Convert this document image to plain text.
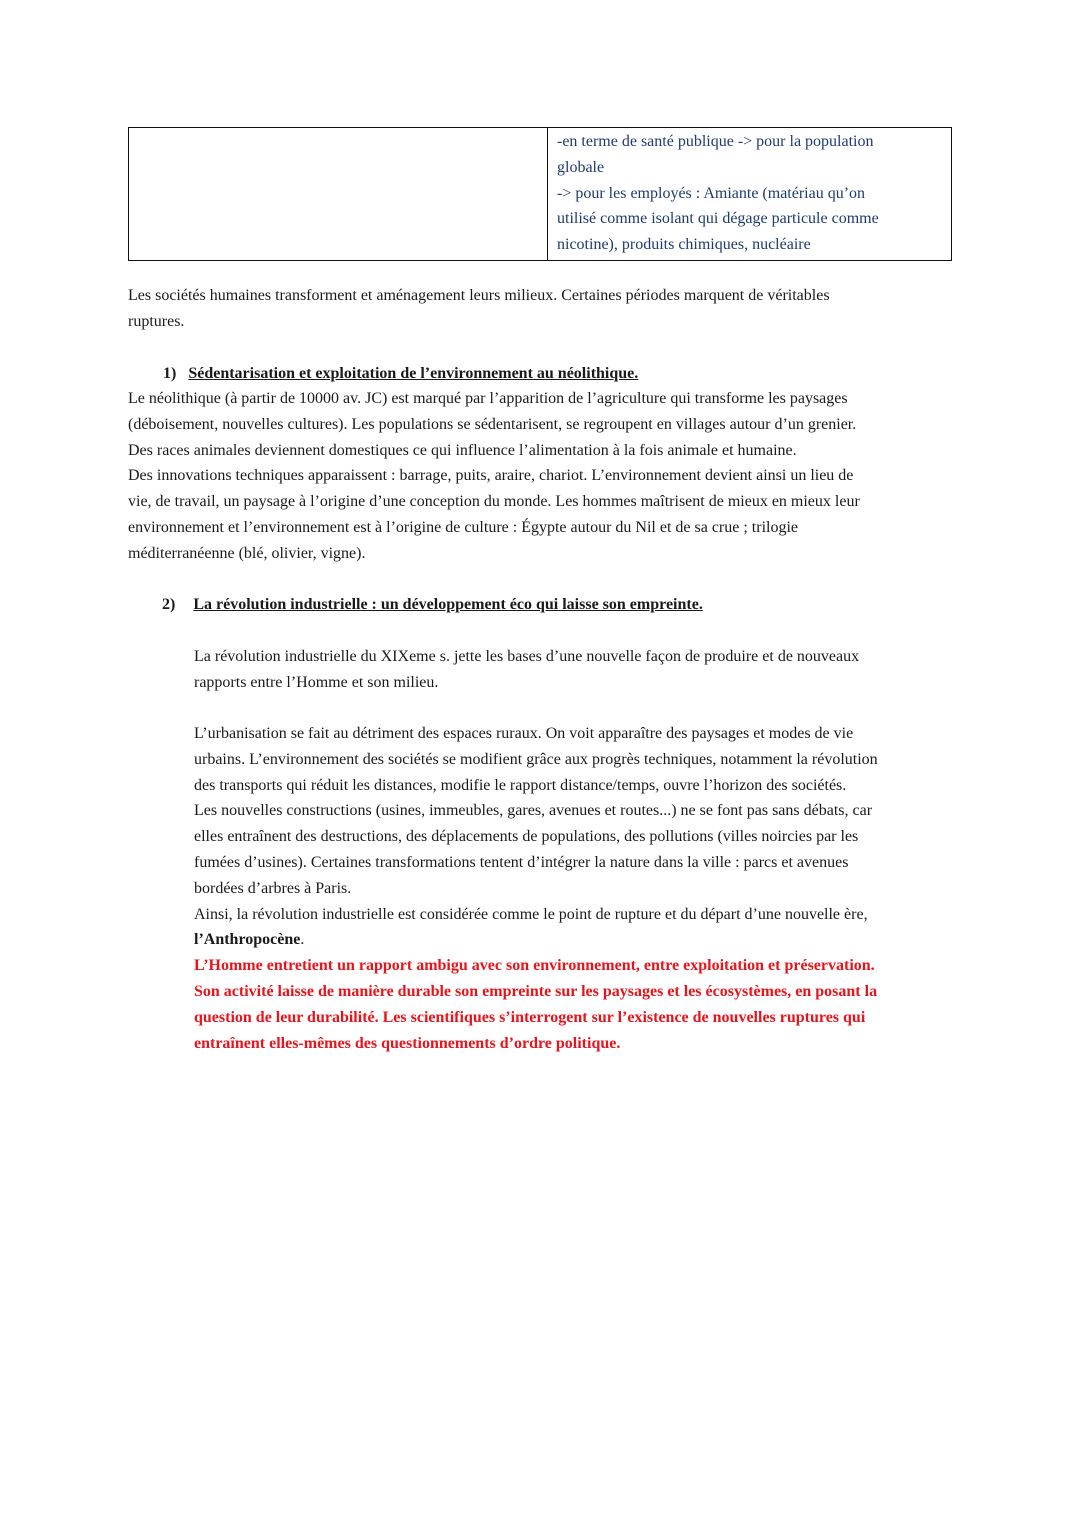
-en terme de santé publique -> pour la population
globale
-> pour les employés : Amiante (matériau qu’on
utilisé comme isolant qui dégage particule comme
nicotine), produits chimiques, nucléaire
Les sociétés humaines transforment et aménagement leurs milieux. Certaines périodes marquent de véritables
ruptures.
1) Sédentarisation et exploitation de l’environnement au néolithique.
Le néolithique (à partir de 10000 av. JC) est marqué par l’apparition de l’agriculture qui transforme les paysages
(déboisement, nouvelles cultures). Les populations se sédentarisent, se regroupent en villages autour d’un grenier.
Des races animales deviennent domestiques ce qui influence l’alimentation à la fois animale et humaine.
Des innovations techniques apparaissent : barrage, puits, araire, chariot. L’environnement devient ainsi un lieu de
vie, de travail, un paysage à l’origine d’une conception du monde. Les hommes maîtrisent de mieux en mieux leur
environnement et l’environnement est à l’origine de culture : Égypte autour du Nil et de sa crue ; trilogie
méditerranéenne (blé, olivier, vigne).
2) La révolution industrielle : un développement éco qui laisse son empreinte.
La révolution industrielle du XIXeme s. jette les bases d’une nouvelle façon de produire et de nouveaux
rapports entre l’Homme et son milieu.
L’urbanisation se fait au détriment des espaces ruraux. On voit apparaître des paysages et modes de vie
urbains. L’environnement des sociétés se modifient grâce aux progrès techniques, notamment la révolution
des transports qui réduit les distances, modifie le rapport distance/temps, ouvre l’horizon des sociétés.
Les nouvelles constructions (usines, immeubles, gares, avenues et routes...) ne se font pas sans débats, car
elles entraînent des destructions, des déplacements de populations, des pollutions (villes noircies par les
fumées d’usines). Certaines transformations tentent d’intégrer la nature dans la ville : parcs et avenues
bordées d’arbres à Paris.
Ainsi, la révolution industrielle est considérée comme le point de rupture et du départ d’une nouvelle ère,
l’Anthropocène.
L’Homme entretient un rapport ambigu avec son environnement, entre exploitation et préservation.
Son activité laisse de manière durable son empreinte sur les paysages et les écosystèmes, en posant la
question de leur durabilité. Les scientifiques s’interrogent sur l’existence de nouvelles ruptures qui
entraînent elles-mêmes des questionnements d’ordre politique.
